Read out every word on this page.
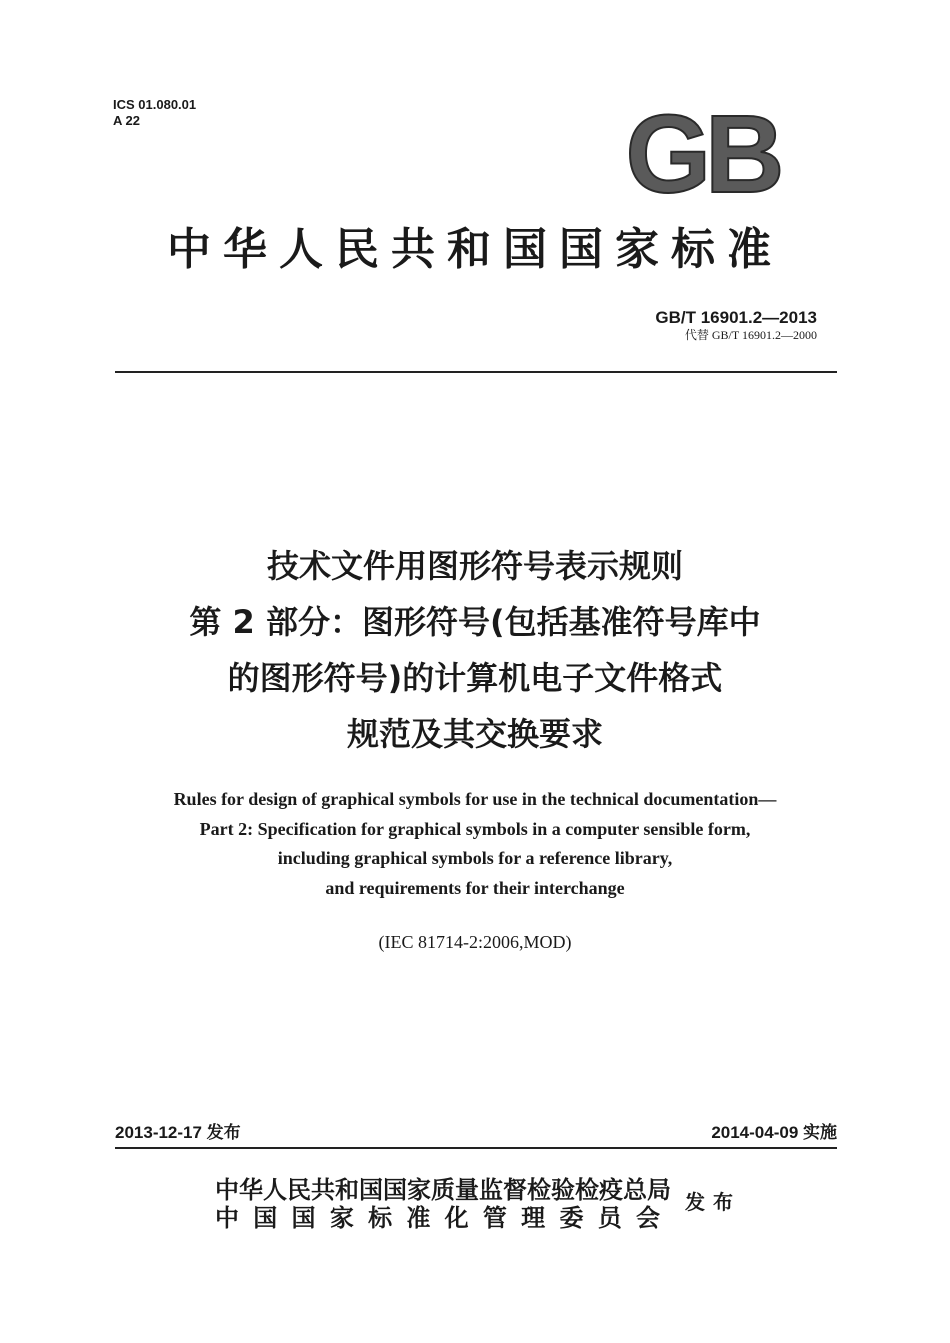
ICS 01.080.01
A 22	GB
中华人民共和国国家标准
GB/T 16901.2—2013
代替 GB/T 16901.2—2000
技术文件用图形符号表示规则
第 2 部分：图形符号(包括基准符号库中
的图形符号)的计算机电子文件格式
规范及其交换要求
Rules for design of graphical symbols for use in the technical documentation—
Part 2: Specification for graphical symbols in a computer sensible form,
including graphical symbols for a reference library,
and requirements for their interchange
(IEC 81714-2:2006,MOD)
2013-12-17 发布	2014-04-09 实施
中华人民共和国国家质量监督检验检疫总局
中国国家标准化管理委员会
发布
